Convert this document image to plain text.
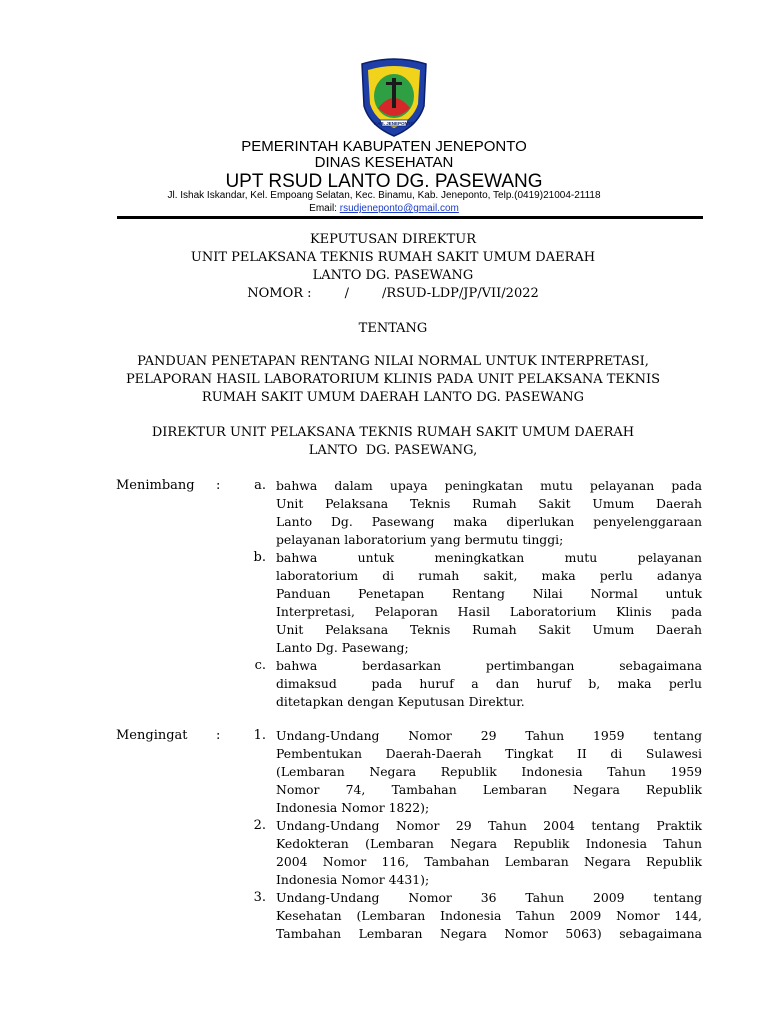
KAB. JENEPONTO
PEMERINTAH KABUPATEN JENEPONTO
DINAS KESEHATAN
UPT RSUD LANTO DG. PASEWANG
Jl. Ishak Iskandar, Kel. Empoang Selatan, Kec. Binamu, Kab. Jeneponto, Telp.(0419)21004-21118
Email: rsudjeneponto@gmail.com
KEPUTUSAN DIREKTUR
UNIT PELAKSANA TEKNIS RUMAH SAKIT UMUM DAERAH
LANTO DG. PASEWANG
NOMOR :        /        /RSUD-LDP/JP/VII/2022
TENTANG
PANDUAN PENETAPAN RENTANG NILAI NORMAL UNTUK INTERPRETASI,
PELAPORAN HASIL LABORATORIUM KLINIS PADA UNIT PELAKSANA TEKNIS
RUMAH SAKIT UMUM DAERAH LANTO DG. PASEWANG
DIREKTUR UNIT PELAKSANA TEKNIS RUMAH SAKIT UMUM DAERAH
LANTO  DG. PASEWANG,
Menimbang :	a. bahwa dalam upaya peningkatan mutu pelayanan pada
Unit Pelaksana Teknis Rumah Sakit Umum Daerah
Lanto Dg. Pasewang maka diperlukan penyelenggaraan
pelayanan laboratorium yang bermutu tinggi;
b. bahwa untuk meningkatkan mutu pelayanan
laboratorium di rumah sakit, maka perlu adanya
Panduan Penetapan Rentang Nilai Normal untuk
Interpretasi, Pelaporan Hasil Laboratorium Klinis pada
Unit Pelaksana Teknis Rumah Sakit Umum Daerah
Lanto Dg. Pasewang;
c. bahwa berdasarkan pertimbangan sebagaimana
dimaksud  pada huruf a dan huruf b, maka perlu
ditetapkan dengan Keputusan Direktur.
Mengingat :	1. Undang-Undang Nomor 29 Tahun 1959 tentang
Pembentukan Daerah-Daerah Tingkat II di Sulawesi
(Lembaran Negara Republik Indonesia Tahun 1959
Nomor 74, Tambahan Lembaran Negara Republik
Indonesia Nomor 1822);
2. Undang-Undang Nomor 29 Tahun 2004 tentang Praktik
Kedokteran (Lembaran Negara Republik Indonesia Tahun
2004 Nomor 116, Tambahan Lembaran Negara Republik
Indonesia Nomor 4431);
3. Undang-Undang Nomor 36 Tahun 2009 tentang
Kesehatan (Lembaran Indonesia Tahun 2009 Nomor 144,
Tambahan Lembaran Negara Nomor 5063) sebagaimana
